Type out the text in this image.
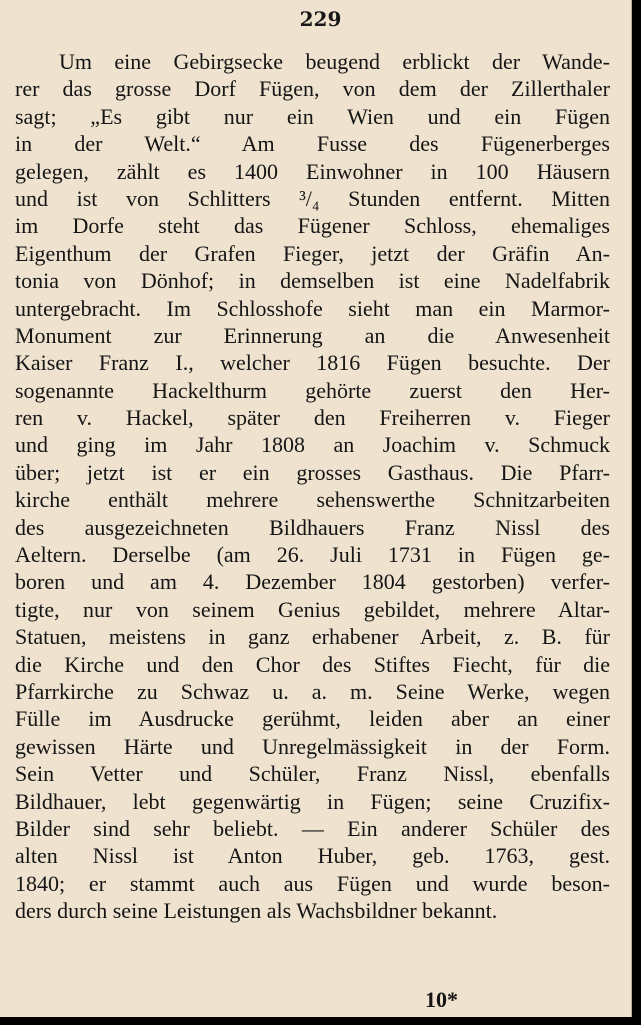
229
Um eine Gebirgsecke beugend erblickt der Wande-
rer das grosse Dorf Fügen, von dem der Zillerthaler
sagt; „Es gibt nur ein Wien und ein Fügen
in der Welt.“ Am Fusse des Fügenerberges
gelegen, zählt es 1400 Einwohner in 100 Häusern
und ist von Schlitters ³/₄ Stunden entfernt. Mitten
im Dorfe steht das Fügener Schloss, ehemaliges
Eigenthum der Grafen Fieger, jetzt der Gräfin An-
tonia von Dönhof; in demselben ist eine Nadelfabrik
untergebracht. Im Schlosshofe sieht man ein Marmor-
Monument zur Erinnerung an die Anwesenheit
Kaiser Franz I., welcher 1816 Fügen besuchte. Der
sogenannte Hackelthurm gehörte zuerst den Her-
ren v. Hackel, später den Freiherren v. Fieger
und ging im Jahr 1808 an Joachim v. Schmuck
über; jetzt ist er ein grosses Gasthaus. Die Pfarr-
kirche enthält mehrere sehenswerthe Schnitzarbeiten
des ausgezeichneten Bildhauers Franz Nissl des
Aeltern. Derselbe (am 26. Juli 1731 in Fügen ge-
boren und am 4. Dezember 1804 gestorben) verfer-
tigte, nur von seinem Genius gebildet, mehrere Altar-
Statuen, meistens in ganz erhabener Arbeit, z. B. für
die Kirche und den Chor des Stiftes Fiecht, für die
Pfarrkirche zu Schwaz u. a. m. Seine Werke, wegen
Fülle im Ausdrucke gerühmt, leiden aber an einer
gewissen Härte und Unregelmässigkeit in der Form.
Sein Vetter und Schüler, Franz Nissl, ebenfalls
Bildhauer, lebt gegenwärtig in Fügen; seine Cruzifix-
Bilder sind sehr beliebt. — Ein anderer Schüler des
alten Nissl ist Anton Huber, geb. 1763, gest.
1840; er stammt auch aus Fügen und wurde beson-
ders durch seine Leistungen als Wachsbildner bekannt.
10*
